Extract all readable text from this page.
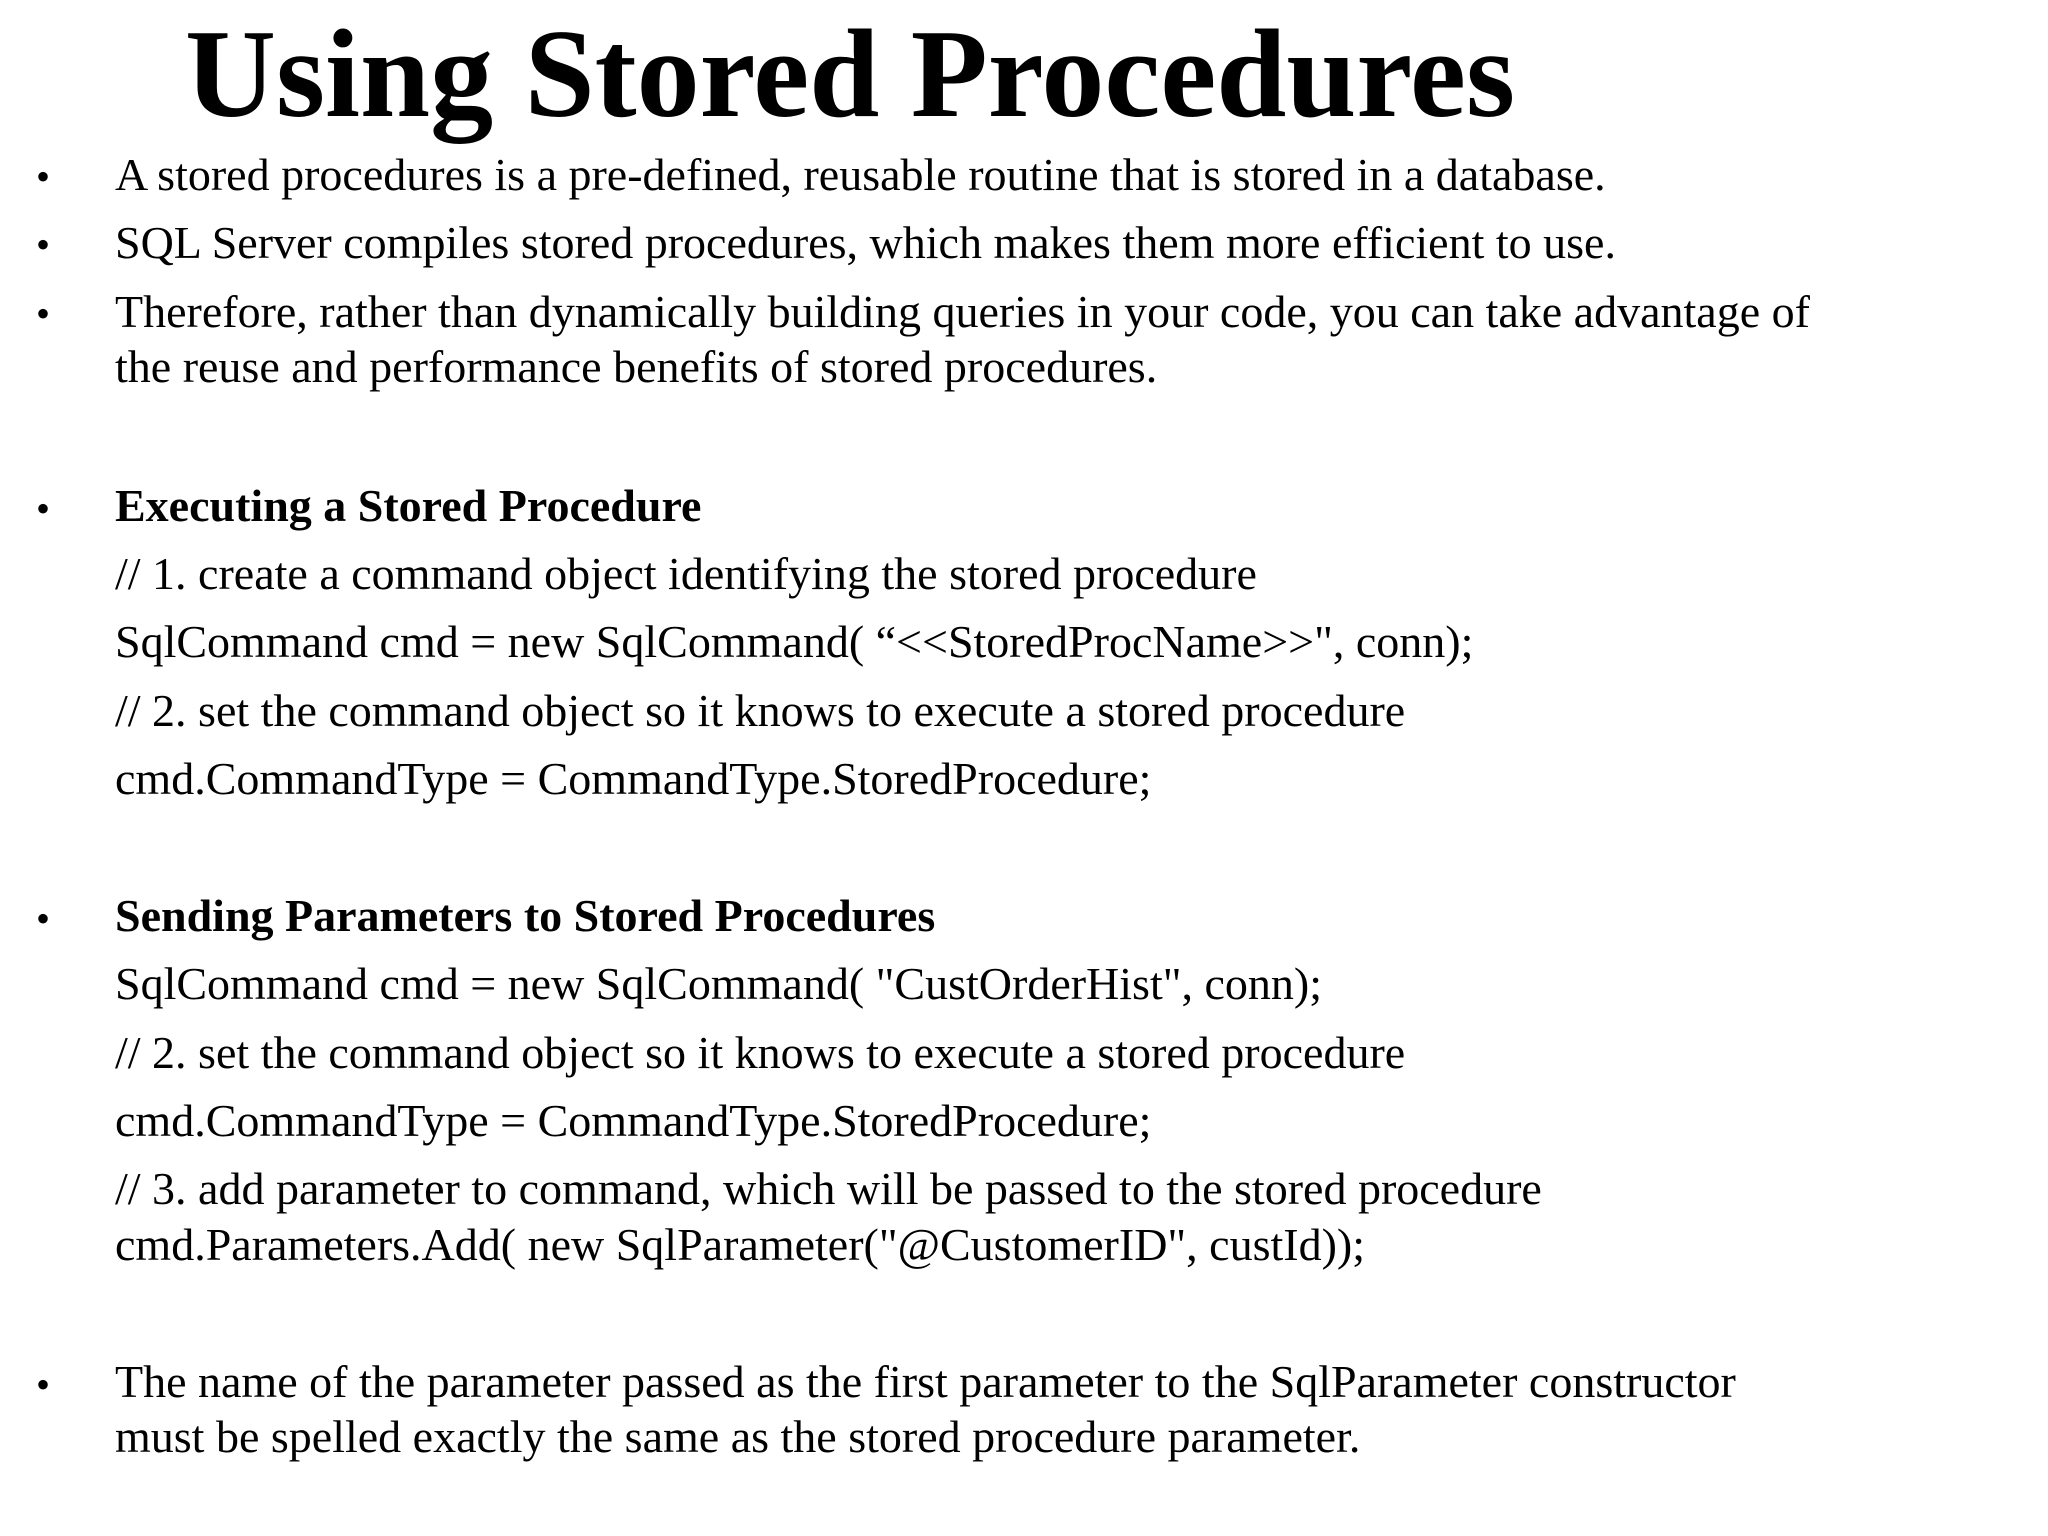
Using Stored Procedures
• A stored procedures is a pre-defined, reusable routine that is stored in a database.
• SQL Server compiles stored procedures, which makes them more efficient to use.
• Therefore, rather than dynamically building queries in your code, you can take advantage of
the reuse and performance benefits of stored procedures.
• Executing a Stored Procedure
// 1. create a command object identifying the stored procedure
SqlCommand cmd = new SqlCommand( “<<StoredProcName>>", conn);
// 2. set the command object so it knows to execute a stored procedure
cmd.CommandType = CommandType.StoredProcedure;
• Sending Parameters to Stored Procedures
SqlCommand cmd = new SqlCommand( "CustOrderHist", conn);
// 2. set the command object so it knows to execute a stored procedure
cmd.CommandType = CommandType.StoredProcedure;
// 3. add parameter to command, which will be passed to the stored procedure
cmd.Parameters.Add( new SqlParameter("@CustomerID", custId));
• The name of the parameter passed as the first parameter to the SqlParameter constructor
must be spelled exactly the same as the stored procedure parameter.
